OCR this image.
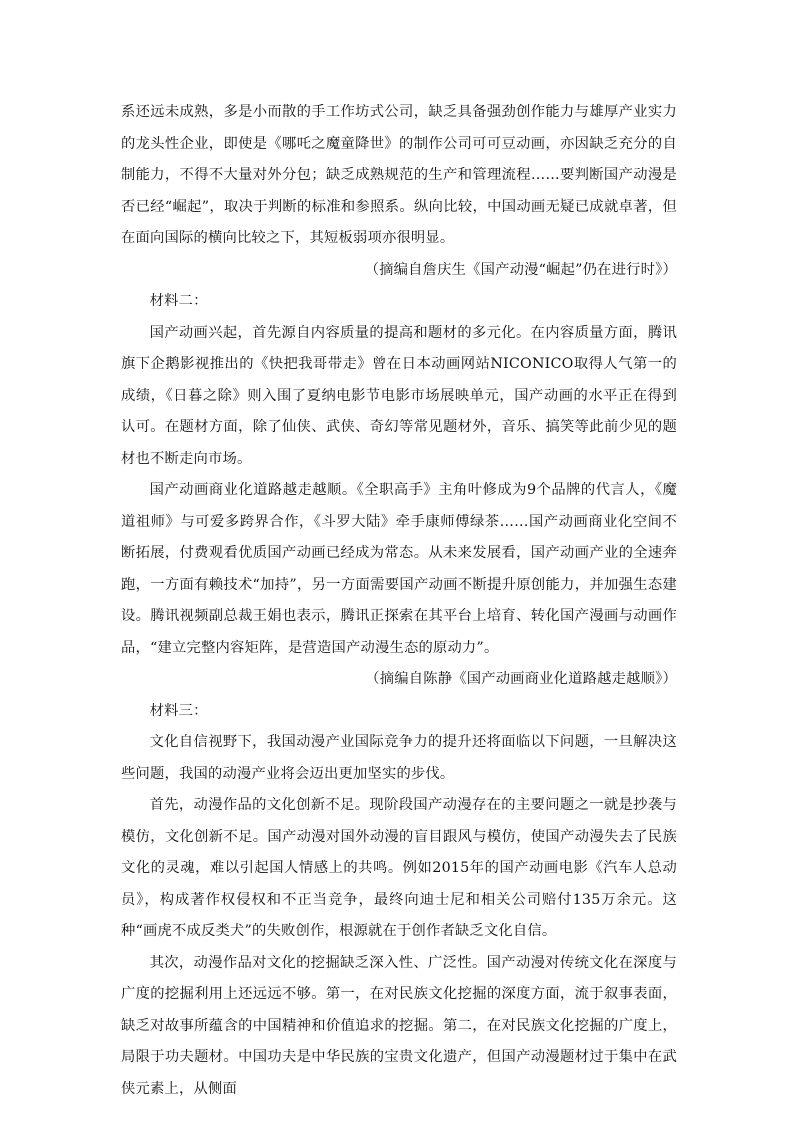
系还远未成熟，多是小而散的手工作坊式公司，缺乏具备强劲创作能力与雄厚产业实力的龙头性企业，即使是《哪吒之魔童降世》的制作公司可可豆动画，亦因缺乏充分的自制能力，不得不大量对外分包；缺乏成熟规范的生产和管理流程……要判断国产动漫是否已经“崛起”，取决于判断的标准和参照系。纵向比较，中国动画无疑已成就卓著，但在面向国际的横向比较之下，其短板弱项亦很明显。

（摘编自詹庆生《国产动漫“崛起”仍在进行时》）

材料二：

国产动画兴起，首先源自内容质量的提高和题材的多元化。在内容质量方面，腾讯旗下企鹅影视推出的《快把我哥带走》曾在日本动画网站NICONICO取得人气第一的成绩，《日暮之除》则入围了夏纳电影节电影市场展映单元，国产动画的水平正在得到认可。在题材方面，除了仙侠、武侠、奇幻等常见题材外，音乐、搞笑等此前少见的题材也不断走向市场。

国产动画商业化道路越走越顺。《全职高手》主角叶修成为9个品牌的代言人，《魔道祖师》与可爱多跨界合作，《斗罗大陆》牵手康师傅绿茶……国产动画商业化空间不断拓展，付费观看优质国产动画已经成为常态。从未来发展看，国产动画产业的全速奔跑，一方面有赖技术“加持”，另一方面需要国产动画不断提升原创能力，并加强生态建设。腾讯视频副总裁王娟也表示，腾讯正探索在其平台上培育、转化国产漫画与动画作品，“建立完整内容矩阵，是营造国产动漫生态的原动力”。

（摘编自陈静《国产动画商业化道路越走越顺》）

材料三：

文化自信视野下，我国动漫产业国际竞争力的提升还将面临以下问题，一旦解决这些问题，我国的动漫产业将会迈出更加坚实的步伐。

首先，动漫作品的文化创新不足。现阶段国产动漫存在的主要问题之一就是抄袭与模仿，文化创新不足。国产动漫对国外动漫的盲目跟风与模仿，使国产动漫失去了民族文化的灵魂，难以引起国人情感上的共鸣。例如2015年的国产动画电影《汽车人总动员》，构成著作权侵权和不正当竞争，最终向迪士尼和相关公司赔付135万余元。这种“画虎不成反类犬”的失败创作，根源就在于创作者缺乏文化自信。

其次，动漫作品对文化的挖掘缺乏深入性、广泛性。国产动漫对传统文化在深度与广度的挖掘利用上还远远不够。第一，在对民族文化挖掘的深度方面，流于叙事表面，缺乏对故事所蕴含的中国精神和价值追求的挖掘。第二，在对民族文化挖掘的广度上，局限于功夫题材。中国功夫是中华民族的宝贵文化遗产，但国产动漫题材过于集中在武侠元素上，从侧面
